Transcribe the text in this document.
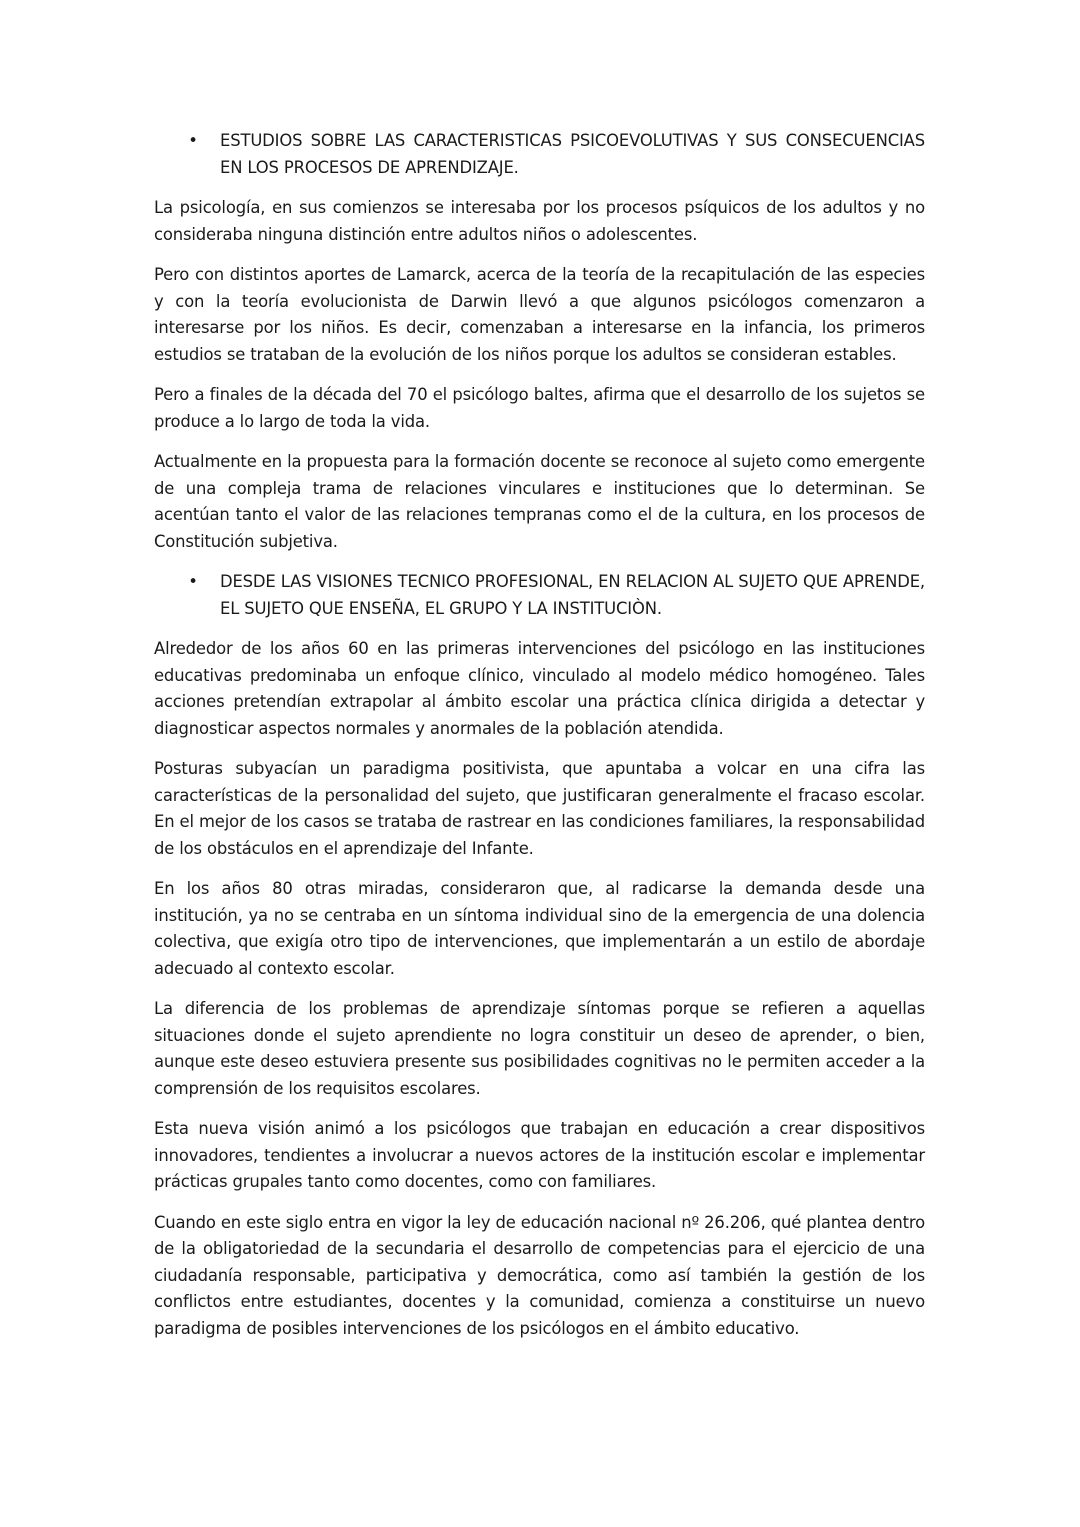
• ESTUDIOS SOBRE LAS CARACTERISTICAS PSICOEVOLUTIVAS Y SUS CONSECUENCIAS EN LOS PROCESOS DE APRENDIZAJE.

La psicología, en sus comienzos se interesaba por los procesos psíquicos de los adultos y no consideraba ninguna distinción entre adultos niños o adolescentes.

Pero con distintos aportes de Lamarck, acerca de la teoría de la recapitulación de las especies y con la teoría evolucionista de Darwin llevó a que algunos psicólogos comenzaron a interesarse por los niños. Es decir, comenzaban a interesarse en la infancia, los primeros estudios se trataban de la evolución de los niños porque los adultos se consideran estables.

Pero a finales de la década del 70 el psicólogo baltes, afirma que el desarrollo de los sujetos se produce a lo largo de toda la vida.

Actualmente en la propuesta para la formación docente se reconoce al sujeto como emergente de una compleja trama de relaciones vinculares e instituciones que lo determinan. Se acentúan tanto el valor de las relaciones tempranas como el de la cultura, en los procesos de Constitución subjetiva.

• DESDE LAS VISIONES TECNICO PROFESIONAL, EN RELACION AL SUJETO QUE APRENDE, EL SUJETO QUE ENSEÑA, EL GRUPO Y LA INSTITUCIÒN.

Alrededor de los años 60 en las primeras intervenciones del psicólogo en las instituciones educativas predominaba un enfoque clínico, vinculado al modelo médico homogéneo. Tales acciones pretendían extrapolar al ámbito escolar una práctica clínica dirigida a detectar y diagnosticar aspectos normales y anormales de la población atendida.

Posturas subyacían un paradigma positivista, que apuntaba a volcar en una cifra las características de la personalidad del sujeto, que justificaran generalmente el fracaso escolar. En el mejor de los casos se trataba de rastrear en las condiciones familiares, la responsabilidad de los obstáculos en el aprendizaje del Infante.

En los años 80 otras miradas, consideraron que, al radicarse la demanda desde una institución, ya no se centraba en un síntoma individual sino de la emergencia de una dolencia colectiva, que exigía otro tipo de intervenciones, que implementarán a un estilo de abordaje adecuado al contexto escolar.

La diferencia de los problemas de aprendizaje síntomas porque se refieren a aquellas situaciones donde el sujeto aprendiente no logra constituir un deseo de aprender, o bien, aunque este deseo estuviera presente sus posibilidades cognitivas no le permiten acceder a la comprensión de los requisitos escolares.

Esta nueva visión animó a los psicólogos que trabajan en educación a crear dispositivos innovadores, tendientes a involucrar a nuevos actores de la institución escolar e implementar prácticas grupales tanto como docentes, como con familiares.

Cuando en este siglo entra en vigor la ley de educación nacional nº 26.206, qué plantea dentro de la obligatoriedad de la secundaria el desarrollo de competencias para el ejercicio de una ciudadanía responsable, participativa y democrática, como así también la gestión de los conflictos entre estudiantes, docentes y la comunidad, comienza a constituirse un nuevo paradigma de posibles intervenciones de los psicólogos en el ámbito educativo.
